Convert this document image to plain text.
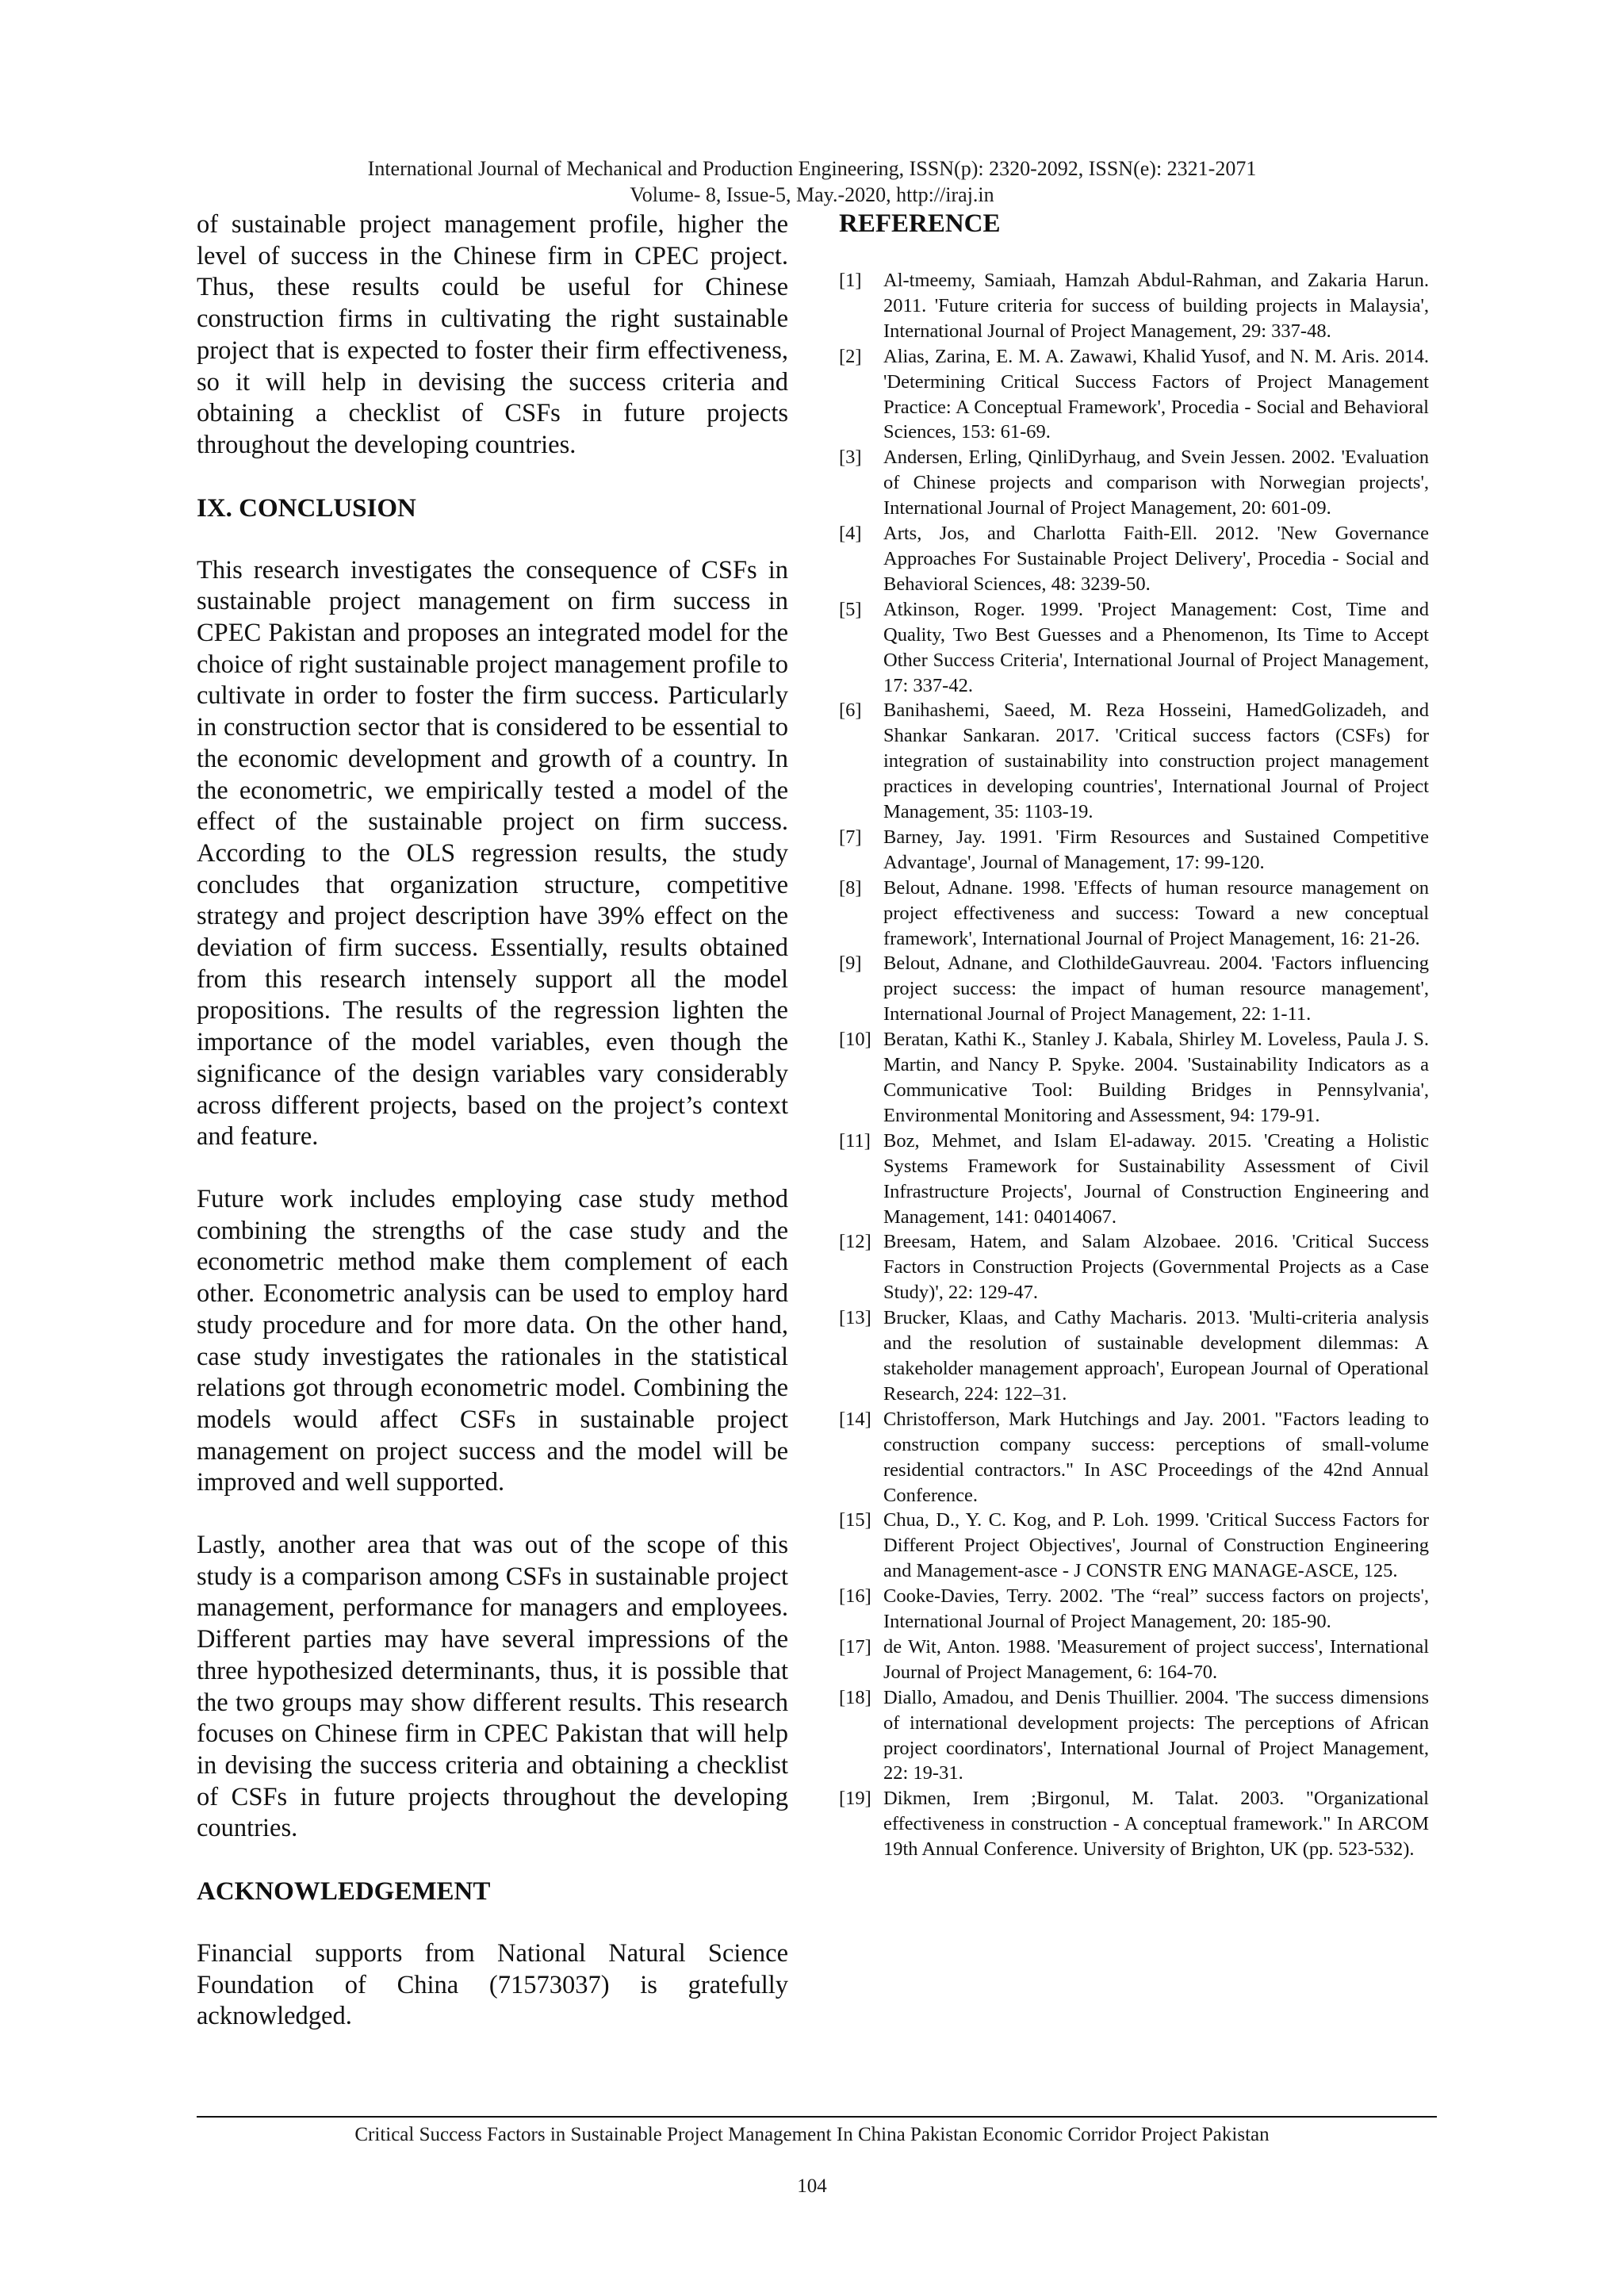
International Journal of Mechanical and Production Engineering, ISSN(p): 2320-2092, ISSN(e): 2321-2071
Volume- 8, Issue-5, May.-2020, http://iraj.in

of sustainable project management profile, higher the level of success in the Chinese firm in CPEC project. Thus, these results could be useful for Chinese construction firms in cultivating the right sustainable project that is expected to foster their firm effectiveness, so it will help in devising the success criteria and obtaining a checklist of CSFs in future projects throughout the developing countries.

IX. CONCLUSION

This research investigates the consequence of CSFs in sustainable project management on firm success in CPEC Pakistan and proposes an integrated model for the choice of right sustainable project management profile to cultivate in order to foster the firm success. Particularly in construction sector that is considered to be essential to the economic development and growth of a country. In the econometric, we empirically tested a model of the effect of the sustainable project on firm success. According to the OLS regression results, the study concludes that organization structure, competitive strategy and project description have 39% effect on the deviation of firm success. Essentially, results obtained from this research intensely support all the model propositions. The results of the regression lighten the importance of the model variables, even though the significance of the design variables vary considerably across different projects, based on the project’s context and feature.

Future work includes employing case study method combining the strengths of the case study and the econometric method make them complement of each other. Econometric analysis can be used to employ hard study procedure and for more data. On the other hand, case study investigates the rationales in the statistical relations got through econometric model. Combining the models would affect CSFs in sustainable project management on project success and the model will be improved and well supported.

Lastly, another area that was out of the scope of this study is a comparison among CSFs in sustainable project management, performance for managers and employees. Different parties may have several impressions of the three hypothesized determinants, thus, it is possible that the two groups may show different results. This research focuses on Chinese firm in CPEC Pakistan that will help in devising the success criteria and obtaining a checklist of CSFs in future projects throughout the developing countries.

ACKNOWLEDGEMENT

Financial supports from National Natural Science Foundation of China (71573037) is gratefully acknowledged.

REFERENCE
[1]	Al-tmeemy, Samiaah, Hamzah Abdul-Rahman, and Zakaria Harun. 2011. 'Future criteria for success of building projects in Malaysia', International Journal of Project Management, 29: 337-48.
[2]	Alias, Zarina, E. M. A. Zawawi, Khalid Yusof, and N. M. Aris. 2014. 'Determining Critical Success Factors of Project Management Practice: A Conceptual Framework', Procedia - Social and Behavioral Sciences, 153: 61-69.
[3]	Andersen, Erling, QinliDyrhaug, and Svein Jessen. 2002. 'Evaluation of Chinese projects and comparison with Norwegian projects', International Journal of Project Management, 20: 601-09.
[4]	Arts, Jos, and Charlotta Faith-Ell. 2012. 'New Governance Approaches For Sustainable Project Delivery', Procedia - Social and Behavioral Sciences, 48: 3239-50.
[5]	Atkinson, Roger. 1999. 'Project Management: Cost, Time and Quality, Two Best Guesses and a Phenomenon, Its Time to Accept Other Success Criteria', International Journal of Project Management, 17: 337-42.
[6]	Banihashemi, Saeed, M. Reza Hosseini, HamedGolizadeh, and Shankar Sankaran. 2017. 'Critical success factors (CSFs) for integration of sustainability into construction project management practices in developing countries', International Journal of Project Management, 35: 1103-19.
[7]	Barney, Jay. 1991. 'Firm Resources and Sustained Competitive Advantage', Journal of Management, 17: 99-120.
[8]	Belout, Adnane. 1998. 'Effects of human resource management on project effectiveness and success: Toward a new conceptual framework', International Journal of Project Management, 16: 21-26.
[9]	Belout, Adnane, and ClothildeGauvreau. 2004. 'Factors influencing project success: the impact of human resource management', International Journal of Project Management, 22: 1-11.
[10] Beratan, Kathi K., Stanley J. Kabala, Shirley M. Loveless, Paula J. S. Martin, and Nancy P. Spyke. 2004. 'Sustainability Indicators as a Communicative Tool: Building Bridges in Pennsylvania', Environmental Monitoring and Assessment, 94: 179-91.
[11] Boz, Mehmet, and Islam El-adaway. 2015. 'Creating a Holistic Systems Framework for Sustainability Assessment of Civil Infrastructure Projects', Journal of Construction Engineering and Management, 141: 04014067.
[12] Breesam, Hatem, and Salam Alzobaee. 2016. 'Critical Success Factors in Construction Projects (Governmental Projects as a Case Study)', 22: 129-47.
[13] Brucker, Klaas, and Cathy Macharis. 2013. 'Multi-criteria analysis and the resolution of sustainable development dilemmas: A stakeholder management approach', European Journal of Operational Research, 224: 122–31.
[14] Christofferson, Mark Hutchings and Jay. 2001. "Factors leading to construction company success: perceptions of small-volume residential contractors." In ASC Proceedings of the 42nd Annual Conference.
[15] Chua, D., Y. C. Kog, and P. Loh. 1999. 'Critical Success Factors for Different Project Objectives', Journal of Construction Engineering and Management-asce - J CONSTR ENG MANAGE-ASCE, 125.
[16] Cooke-Davies, Terry. 2002. 'The “real” success factors on projects', International Journal of Project Management, 20: 185-90.
[17] de Wit, Anton. 1988. 'Measurement of project success', International Journal of Project Management, 6: 164-70.
[18] Diallo, Amadou, and Denis Thuillier. 2004. 'The success dimensions of international development projects: The perceptions of African project coordinators', International Journal of Project Management, 22: 19-31.
[19] Dikmen, Irem ;Birgonul, M. Talat. 2003. "Organizational effectiveness in construction - A conceptual framework." In ARCOM 19th Annual Conference. University of Brighton, UK (pp. 523-532).
Critical Success Factors in Sustainable Project Management In China Pakistan Economic Corridor Project Pakistan
104
